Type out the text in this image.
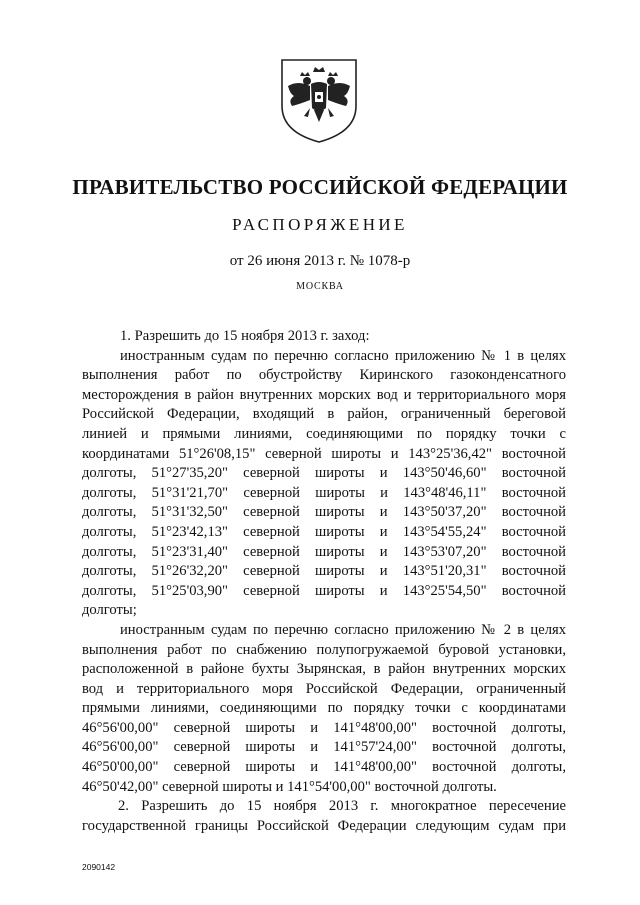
ПРАВИТЕЛЬСТВО РОССИЙСКОЙ ФЕДЕРАЦИИ
РАСПОРЯЖЕНИЕ
от 26 июня 2013 г. № 1078-р
МОСКВА
1. Разрешить до 15 ноября 2013 г. заход:
иностранным судам по перечню согласно приложению № 1 в целях
выполнения работ по обустройству Киринского газоконденсатного
месторождения в район внутренних морских вод и территориального моря
Российской Федерации, входящий в район, ограниченный береговой
линией и прямыми линиями, соединяющими по порядку точки с
координатами 51°26'08,15" северной широты и 143°25'36,42" восточной
долготы, 51°27'35,20" северной широты и 143°50'46,60" восточной
долготы, 51°31'21,70" северной широты и 143°48'46,11" восточной
долготы, 51°31'32,50" северной широты и 143°50'37,20" восточной
долготы, 51°23'42,13" северной широты и 143°54'55,24" восточной
долготы, 51°23'31,40" северной широты и 143°53'07,20" восточной
долготы, 51°26'32,20" северной широты и 143°51'20,31" восточной
долготы, 51°25'03,90" северной широты и 143°25'54,50" восточной
долготы;
иностранным судам по перечню согласно приложению № 2 в целях
выполнения работ по снабжению полупогружаемой буровой установки,
расположенной в районе бухты Зырянская, в район внутренних морских
вод и территориального моря Российской Федерации, ограниченный
прямыми линиями, соединяющими по порядку точки с координатами
46°56'00,00" северной широты и 141°48'00,00" восточной долготы,
46°56'00,00" северной широты и 141°57'24,00" восточной долготы,
46°50'00,00" северной широты и 141°48'00,00" восточной долготы,
46°50'42,00" северной широты и 141°54'00,00" восточной долготы.
2. Разрешить до 15 ноября 2013 г. многократное пересечение
государственной границы Российской Федерации следующим судам при
2090142
